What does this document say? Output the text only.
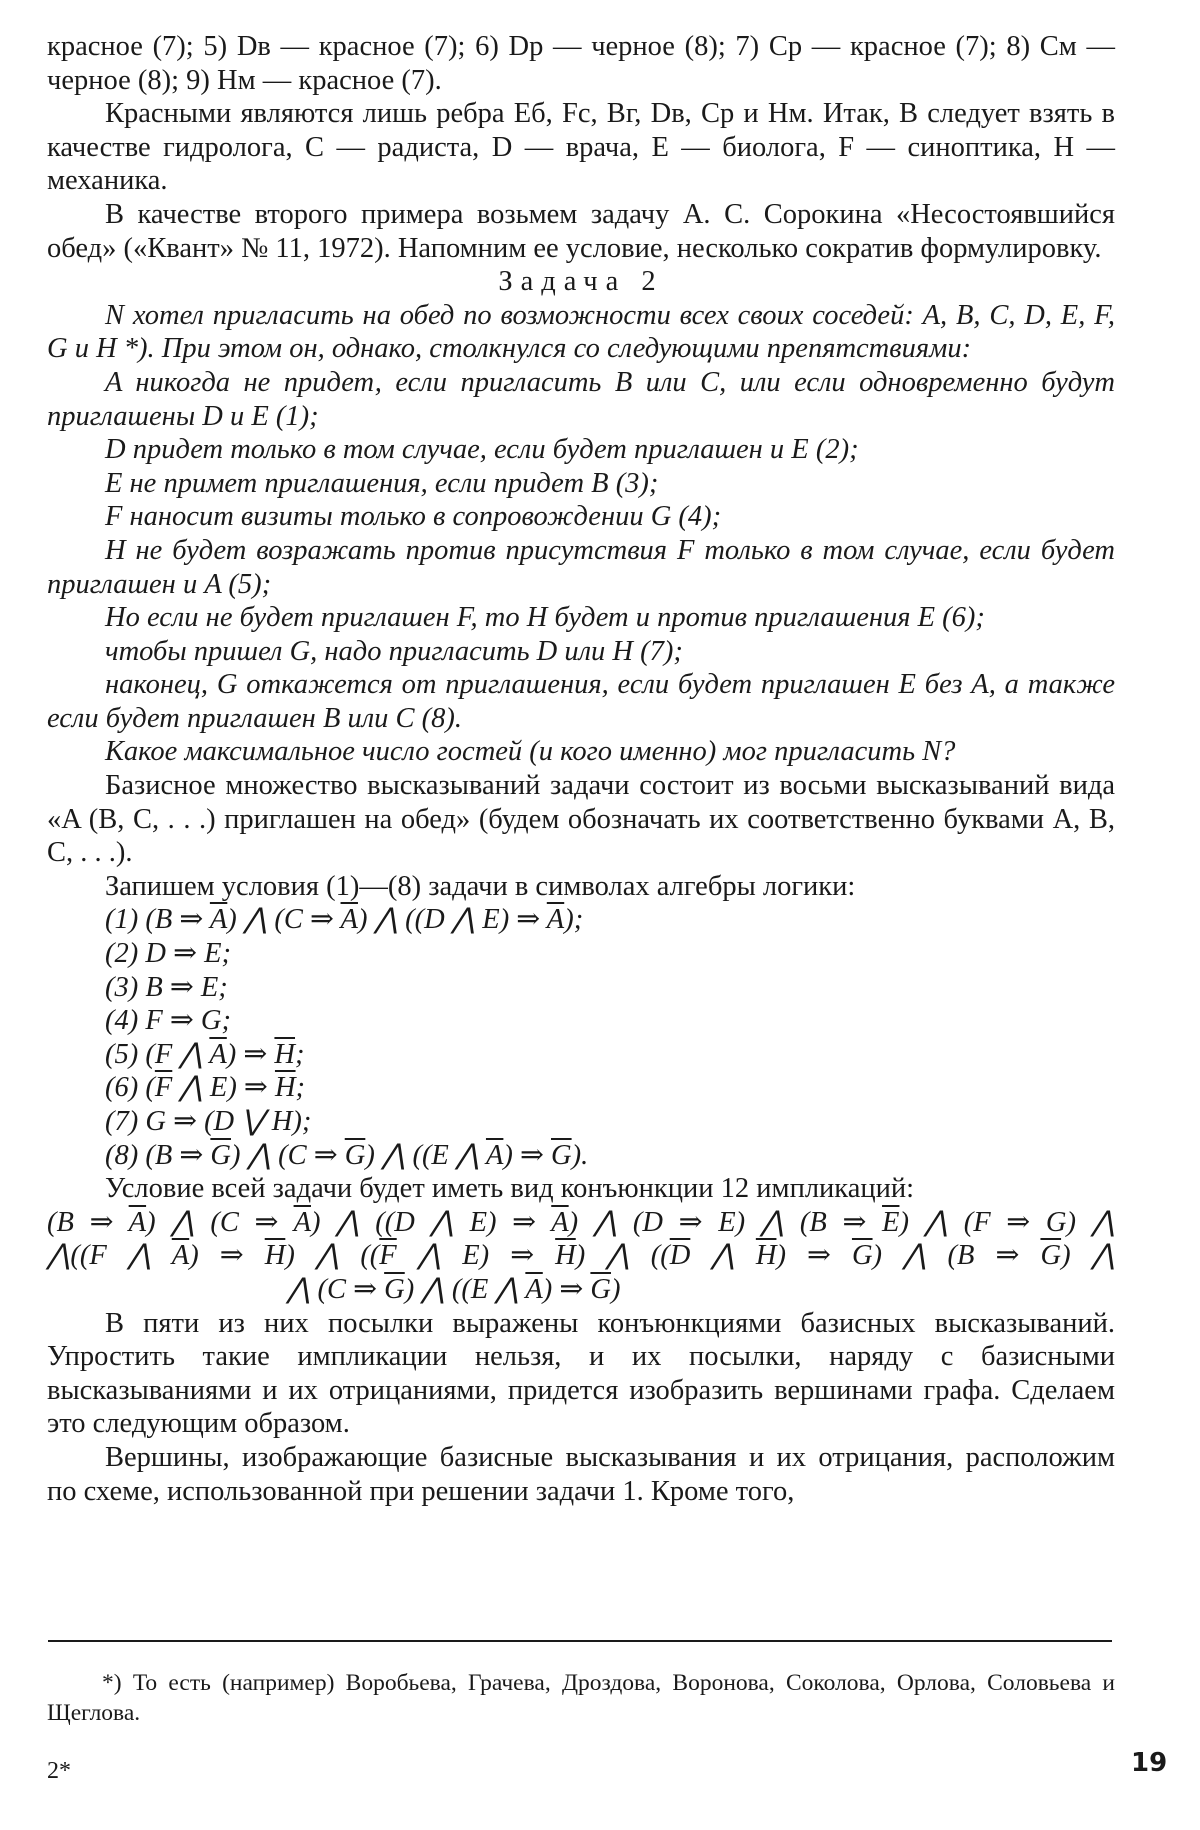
красное (7); 5) Dв — красное (7); 6) Dp — черное (8); 7) Cp — красное (7); 8) См — черное (8); 9) Нм — красное (7).

Красными являются лишь ребра Еб, Fc, Вг, Dв, Ср и Нм. Итак, В следует взять в качестве гидролога, С — радиста, D — врача, Е — биолога, F — синоптика, Н — механика.

В качестве второго примера возьмем задачу А. С. Сорокина «Несостоявшийся обед» («Квант» № 11, 1972). Напомним ее условие, несколько сократив формулировку.

Задача 2

N хотел пригласить на обед по возможности всех своих соседей: A, B, C, D, E, F, G и H *). При этом он, однако, столкнулся со следующими препятствиями:

A никогда не придет, если пригласить B или C, или если одновременно будут приглашены D и E (1);

D придет только в том случае, если будет приглашен и E (2);

E не примет приглашения, если придет B (3);

F наносит визиты только в сопровождении G (4);

H не будет возражать против присутствия F только в том случае, если будет приглашен и A (5);

Но если не будет приглашен F, то H будет и против приглашения E (6);

чтобы пришел G, надо пригласить D или H (7);

наконец, G откажется от приглашения, если будет приглашен E без A, а также если будет приглашен B или C (8).

Какое максимальное число гостей (и кого именно) мог пригласить N?

Базисное множество высказываний задачи состоит из восьми высказываний вида «A (B, C, . . .) приглашен на обед» (будем обозначать их соответственно буквами A, B, C, . . .).

Запишем условия (1)—(8) задачи в символах алгебры логики:

(1) (B ⇒ $\overline{A}$) ⋀ (C ⇒ $\overline{A}$) ⋀ ((D ⋀ E) ⇒ $\overline{A}$);

(2) D ⇒ E;

(3) B ⇒ E;

(4) F ⇒ G;

(5) (F ⋀ $\overline{A}$) ⇒ $\overline{H}$;

(6) ($\overline{F}$ ⋀ E) ⇒ $\overline{H}$;

(7) G ⇒ (D ⋁ H);

(8) (B ⇒ $\overline{G}$) ⋀ (C ⇒ $\overline{G}$) ⋀ ((E ⋀ $\overline{A}$) ⇒ $\overline{G}$).

Условие всей задачи будет иметь вид конъюнкции 12 импликаций:

(B ⇒ $\overline{A}$) ⋀ (C ⇒ $\overline{A}$) ⋀ ((D ⋀ E) ⇒ $\overline{A}$) ⋀ (D ⇒ E) ⋀ (B ⇒ $\overline{E}$) ⋀ (F ⇒ G) ⋀

⋀((F ⋀ $\overline{A}$) ⇒ $\overline{H}$) ⋀ (($\overline{F}$ ⋀ E) ⇒ $\overline{H}$) ⋀ (($\overline{D}$ ⋀ $\overline{H}$) ⇒ $\overline{G}$) ⋀ (B ⇒ $\overline{G}$) ⋀

⋀ (C ⇒ $\overline{G}$) ⋀ ((E ⋀ $\overline{A}$) ⇒ $\overline{G}$)

В пяти из них посылки выражены конъюнкциями базисных высказываний. Упростить такие импликации нельзя, и их посылки, наряду с базисными высказываниями и их отрицаниями, придется изобразить вершинами графа. Сделаем это следующим образом.

Вершины, изображающие базисные высказывания и их отрицания, расположим по схеме, использованной при решении задачи 1. Кроме того,

*) То есть (например) Воробьева, Грачева, Дроздова, Воронова, Соколова, Орлова, Соловьева и Щеглова.

2*	19
